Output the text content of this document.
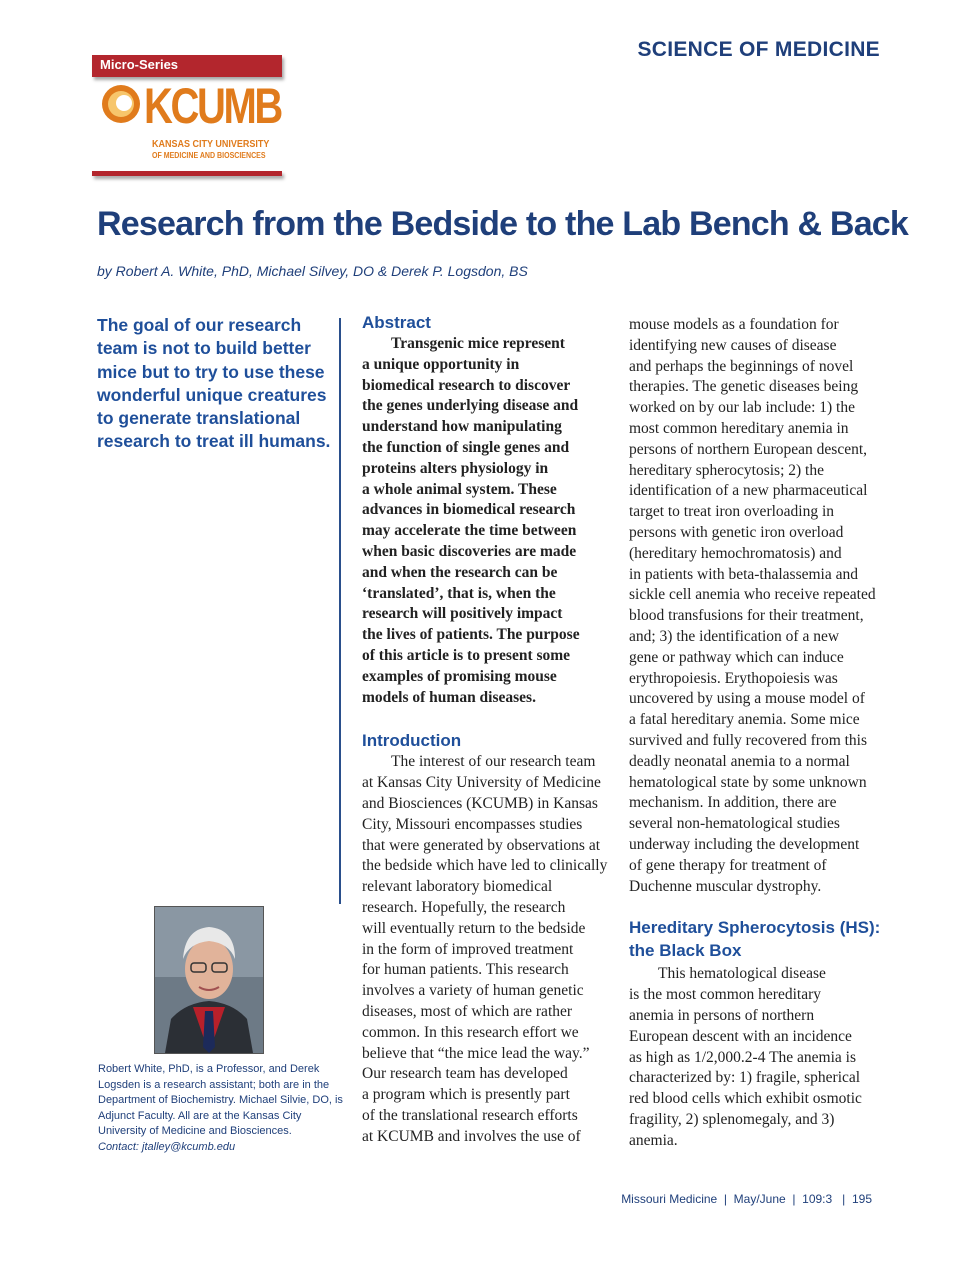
SCIENCE OF MEDICINE
Micro-Series
KCUMB
KANSAS CITY UNIVERSITY
OF MEDICINE AND BIOSCIENCES
Research from the Bedside to the Lab Bench & Back
by Robert A. White, PhD, Michael Silvey, DO & Derek P. Logsdon, BS
The goal of our research team is not to build better mice but to try to use these wonderful unique creatures to generate translational research to treat ill humans.
Robert White, PhD, is a Professor, and Derek Logsden is a research assistant; both are in the Department of Biochemistry. Michael Silvie, DO, is Adjunct Faculty. All are at the Kansas City University of Medicine and Biosciences.
Contact: jtalley@kcumb.edu
Abstract
Transgenic mice represent
a unique opportunity in
biomedical research to discover
the genes underlying disease and
understand how manipulating
the function of single genes and
proteins alters physiology in
a whole animal system. These
advances in biomedical research
may accelerate the time between
when basic discoveries are made
and when the research can be
‘translated’, that is, when the
research will positively impact
the lives of patients. The purpose
of this article is to present some
examples of promising mouse
models of human diseases.
Introduction
The interest of our research team
at Kansas City University of Medicine
and Biosciences (KCUMB) in Kansas
City, Missouri encompasses studies
that were generated by observations at
the bedside which have led to clinically
relevant laboratory biomedical
research. Hopefully, the research
will eventually return to the bedside
in the form of improved treatment
for human patients. This research
involves a variety of human genetic
diseases, most of which are rather
common. In this research effort we
believe that “the mice lead the way.”
Our research team has developed
a program which is presently part
of the translational research efforts
at KCUMB and involves the use of
mouse models as a foundation for
identifying new causes of disease
and perhaps the beginnings of novel
therapies. The genetic diseases being
worked on by our lab include: 1) the
most common hereditary anemia in
persons of northern European descent,
hereditary spherocytosis; 2) the
identification of a new pharmaceutical
target to treat iron overloading in
persons with genetic iron overload
(hereditary hemochromatosis) and
in patients with beta-thalassemia and
sickle cell anemia who receive repeated
blood transfusions for their treatment,
and; 3) the identification of a new
gene or pathway which can induce
erythropoiesis. Erythopoiesis was
uncovered by using a mouse model of
a fatal hereditary anemia. Some mice
survived and fully recovered from this
deadly neonatal anemia to a normal
hematological state by some unknown
mechanism. In addition, there are
several non-hematological studies
underway including the development
of gene therapy for treatment of
Duchenne muscular dystrophy.
Hereditary Spherocytosis (HS):
the Black Box
This hematological disease
is the most common hereditary
anemia in persons of northern
European descent with an incidence
as high as 1/2,000.2-4 The anemia is
characterized by: 1) fragile, spherical
red blood cells which exhibit osmotic
fragility, 2) splenomegaly, and 3)
anemia.
Missouri Medicine  |  May/June  |  109:3   |  195
